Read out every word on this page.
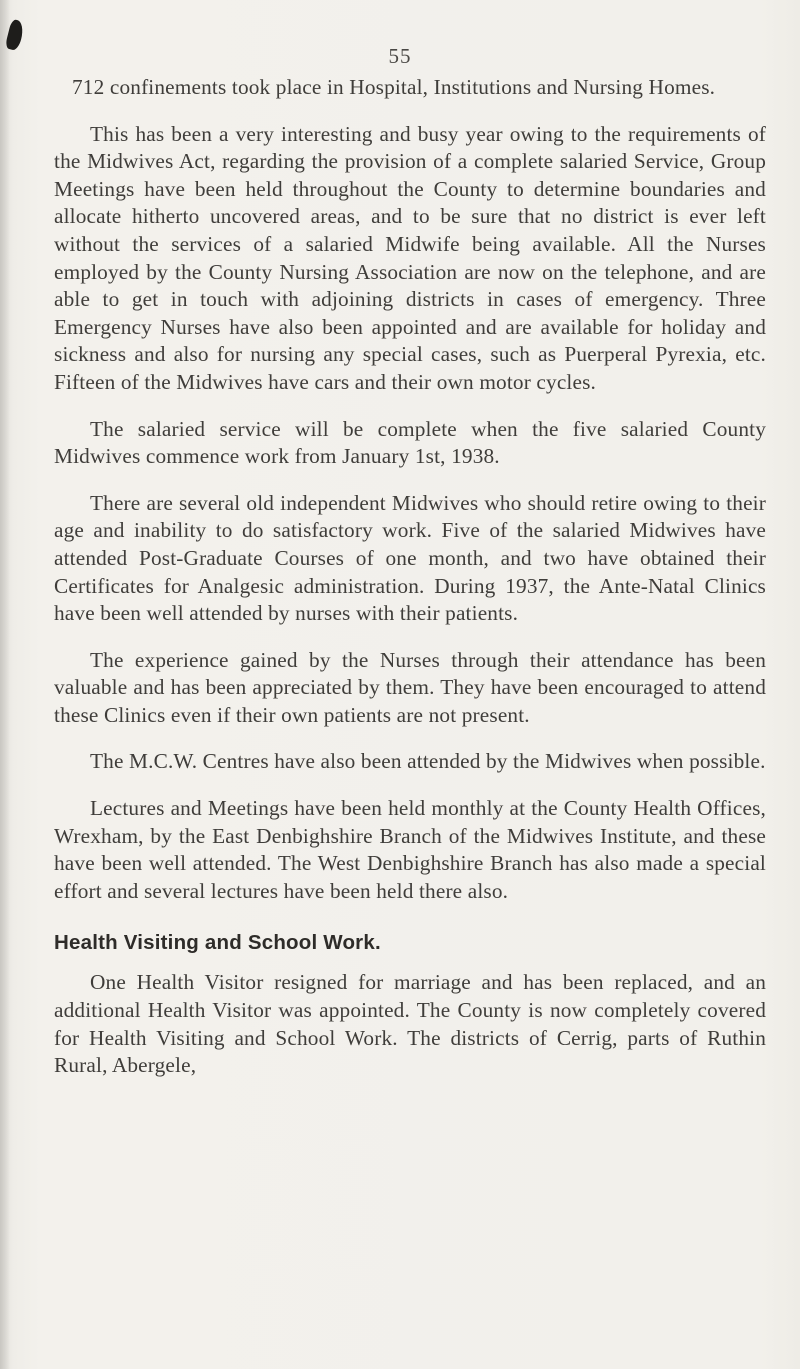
55

712 confinements took place in Hospital, Institutions and Nursing Homes.

This has been a very interesting and busy year owing to the requirements of the Midwives Act, regarding the provision of a complete salaried Service, Group Meetings have been held throughout the County to determine boundaries and allocate hitherto uncovered areas, and to be sure that no district is ever left without the services of a salaried Midwife being available. All the Nurses employed by the County Nursing Association are now on the telephone, and are able to get in touch with adjoining districts in cases of emergency. Three Emergency Nurses have also been appointed and are available for holiday and sickness and also for nursing any special cases, such as Puerperal Pyrexia, etc. Fifteen of the Midwives have cars and their own motor cycles.

The salaried service will be complete when the five salaried County Midwives commence work from January 1st, 1938.

There are several old independent Midwives who should retire owing to their age and inability to do satisfactory work. Five of the salaried Midwives have attended Post-Graduate Courses of one month, and two have obtained their Certificates for Analgesic administration. During 1937, the Ante-Natal Clinics have been well attended by nurses with their patients.

The experience gained by the Nurses through their attendance has been valuable and has been appreciated by them. They have been encouraged to attend these Clinics even if their own patients are not present.

The M.C.W. Centres have also been attended by the Midwives when possible.

Lectures and Meetings have been held monthly at the County Health Offices, Wrexham, by the East Denbighshire Branch of the Midwives Institute, and these have been well attended. The West Denbighshire Branch has also made a special effort and several lectures have been held there also.

Health Visiting and School Work.

One Health Visitor resigned for marriage and has been replaced, and an additional Health Visitor was appointed. The County is now completely covered for Health Visiting and School Work. The districts of Cerrig, parts of Ruthin Rural, Abergele,
